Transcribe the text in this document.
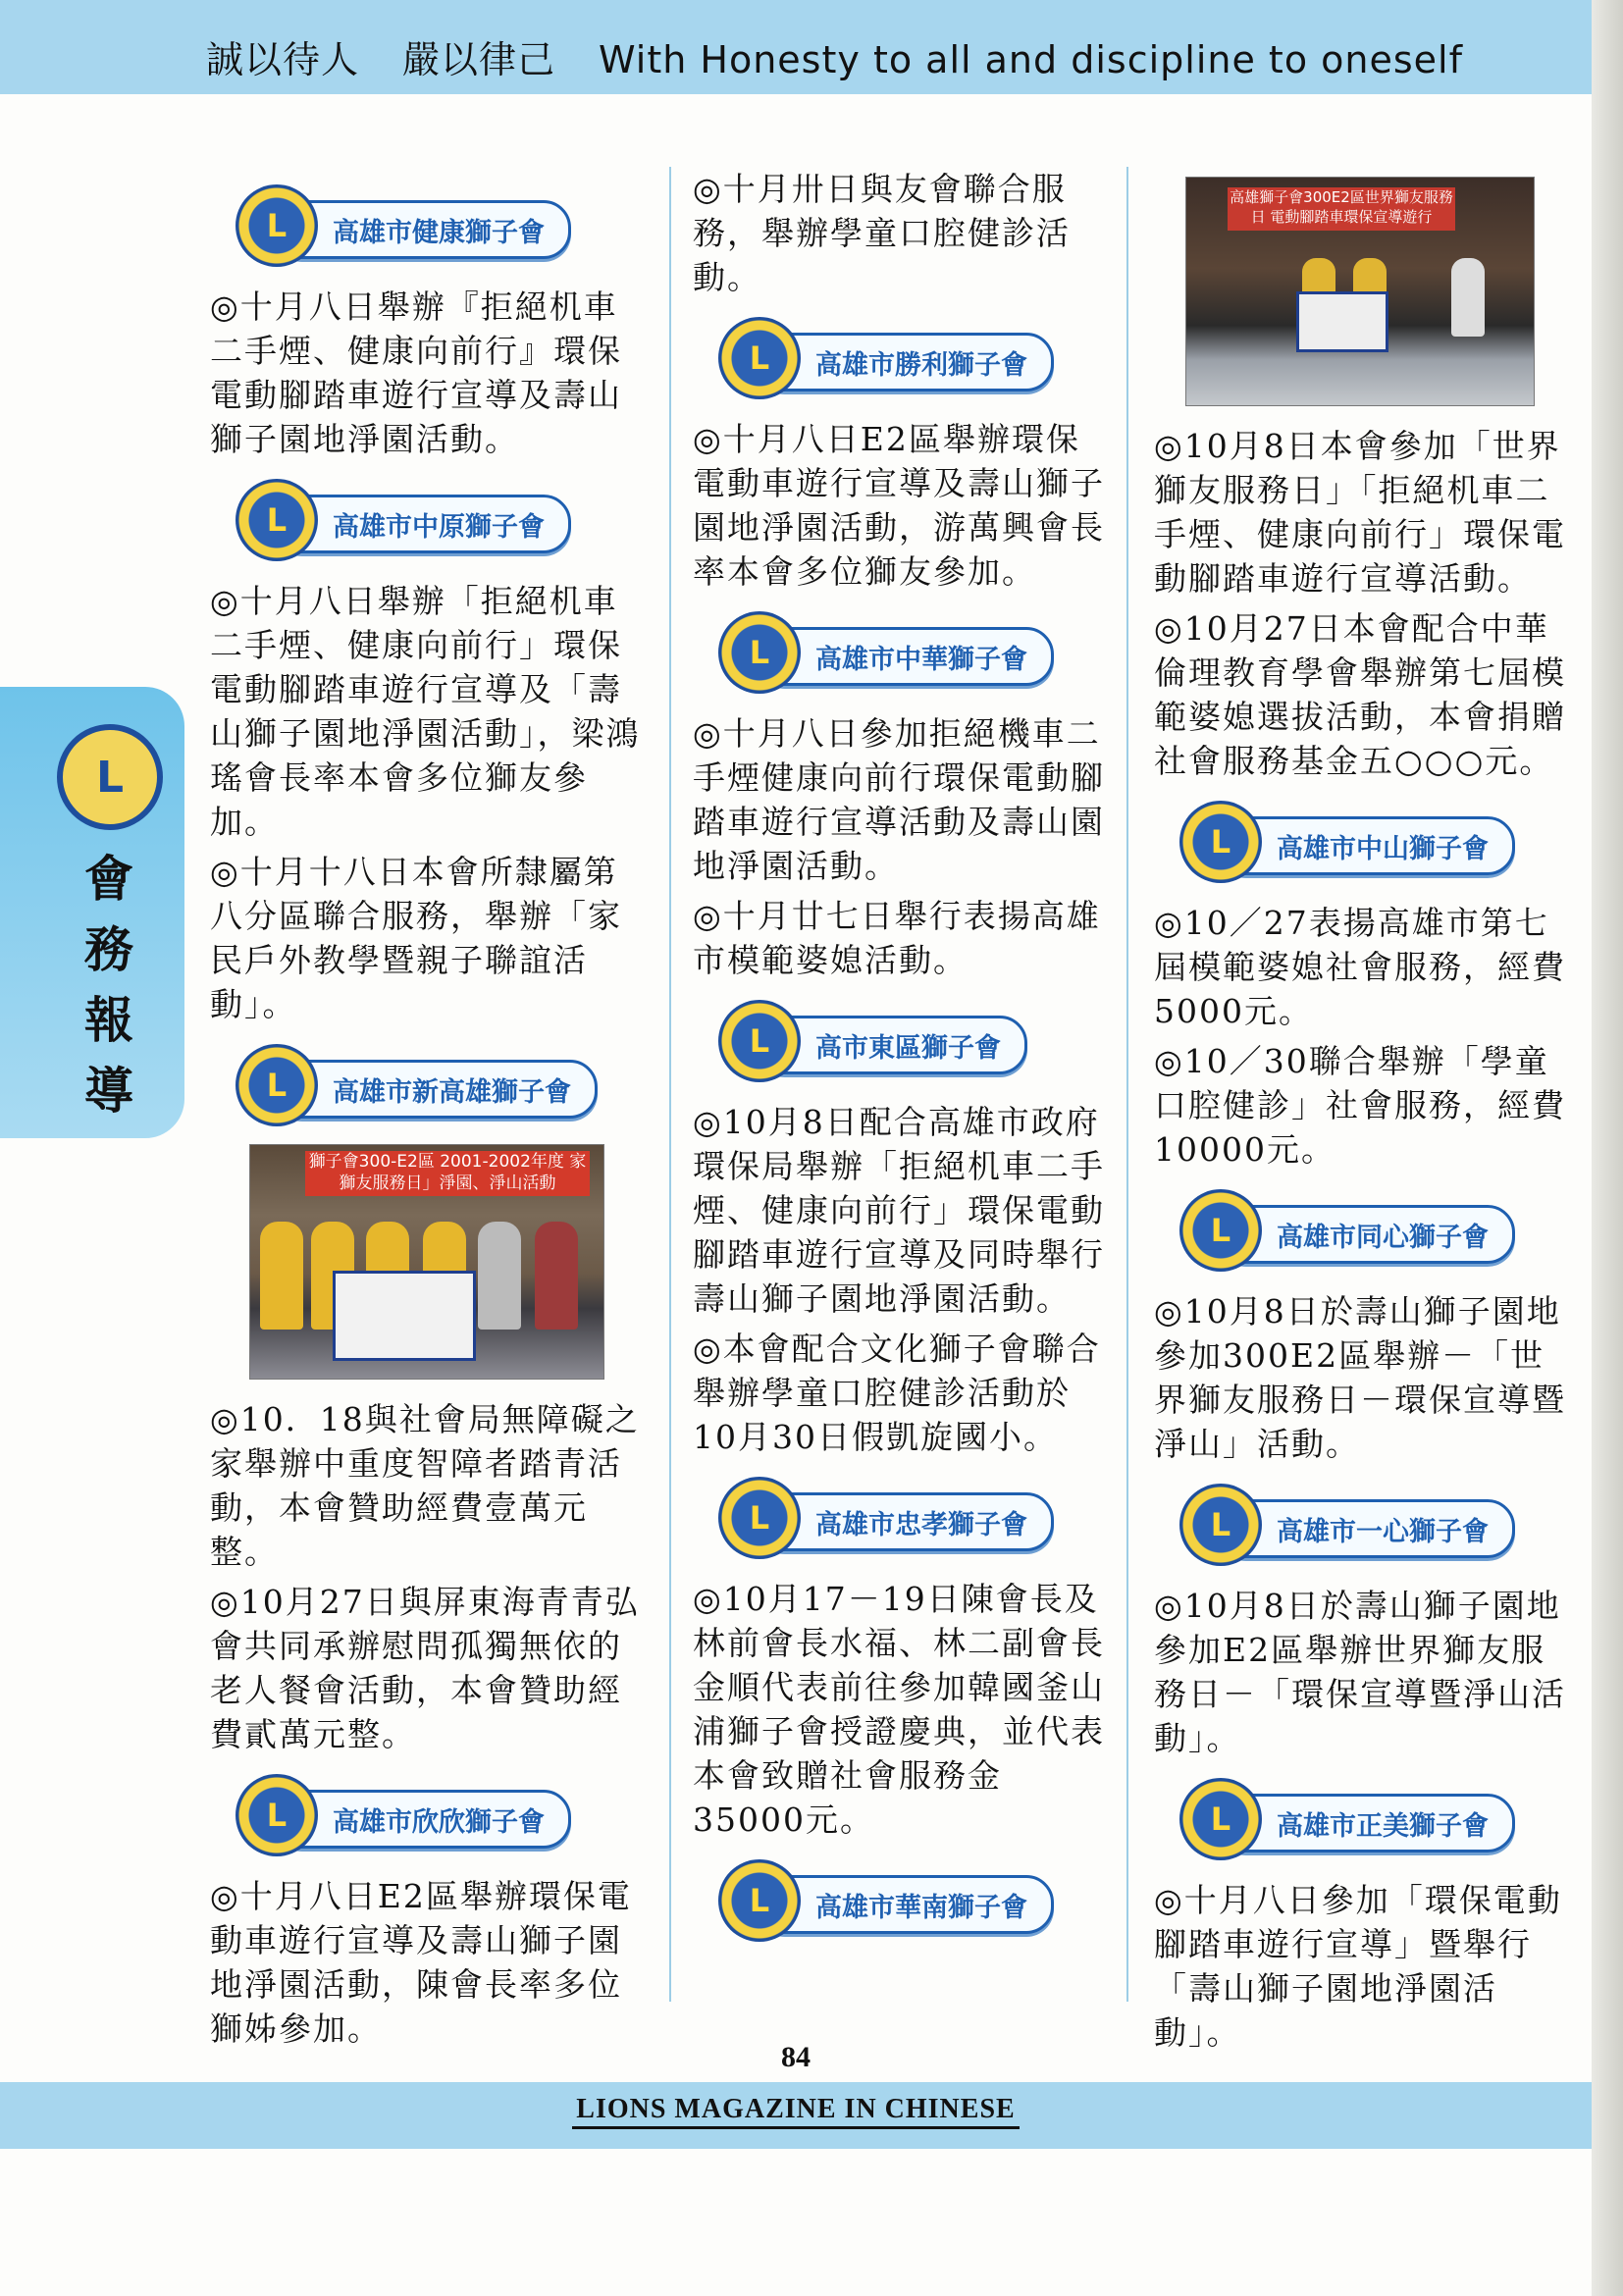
誠以待人 嚴以律己 With Honesty to all and discipline to oneself
L
會
務
報
導
L	高雄市健康獅子會

◎十月八日舉辦『拒絕机車二手煙、健康向前行』環保電動腳踏車遊行宣導及壽山獅子園地淨園活動。

L	高雄市中原獅子會

◎十月八日舉辦「拒絕机車二手煙、健康向前行」環保電動腳踏車遊行宣導及「壽山獅子園地淨園活動」，梁鴻瑤會長率本會多位獅友參加。

◎十月十八日本會所隸屬第八分區聯合服務，舉辦「家民戶外教學暨親子聯誼活動」。

L	高雄市新高雄獅子會
獅子會300-E2區 2001-2002年度 家獅友服務日」淨園、淨山活動

◎10．18與社會局無障礙之家舉辦中重度智障者踏青活動，本會贊助經費壹萬元整。

◎10月27日與屏東海青青弘會共同承辦慰問孤獨無依的老人餐會活動，本會贊助經費貳萬元整。

L	高雄市欣欣獅子會

◎十月八日E2區舉辦環保電動車遊行宣導及壽山獅子園地淨園活動，陳會長率多位獅姊參加。

◎十月卅日與友會聯合服務，舉辦學童口腔健診活動。

L	高雄市勝利獅子會

◎十月八日E2區舉辦環保電動車遊行宣導及壽山獅子園地淨園活動，游萬興會長率本會多位獅友參加。

L	高雄市中華獅子會

◎十月八日參加拒絕機車二手煙健康向前行環保電動腳踏車遊行宣導活動及壽山園地淨園活動。

◎十月廿七日舉行表揚高雄市模範婆媳活動。

L	高市東區獅子會

◎10月8日配合高雄市政府環保局舉辦「拒絕机車二手煙、健康向前行」環保電動腳踏車遊行宣導及同時舉行壽山獅子園地淨園活動。

◎本會配合文化獅子會聯合舉辦學童口腔健診活動於10月30日假凱旋國小。

L	高雄市忠孝獅子會

◎10月17－19日陳會長及林前會長水福、林二副會長金順代表前往參加韓國釜山浦獅子會授證慶典，並代表本會致贈社會服務金35000元。

L	高雄市華南獅子會
高雄獅子會300E2區世界獅友服務日 電動腳踏車環保宣導遊行

◎10月8日本會參加「世界獅友服務日」「拒絕机車二手煙、健康向前行」環保電動腳踏車遊行宣導活動。

◎10月27日本會配合中華倫理教育學會舉辦第七屆模範婆媳選拔活動，本會捐贈社會服務基金五○○○元。

L	高雄市中山獅子會

◎10／27表揚高雄市第七屆模範婆媳社會服務，經費5000元。

◎10／30聯合舉辦「學童口腔健診」社會服務，經費10000元。

L	高雄市同心獅子會

◎10月8日於壽山獅子園地參加300E2區舉辦－「世界獅友服務日－環保宣導暨淨山」活動。

L	高雄市一心獅子會

◎10月8日於壽山獅子園地參加E2區舉辦世界獅友服務日－「環保宣導暨淨山活動」。

L	高雄市正美獅子會

◎十月八日參加「環保電動腳踏車遊行宣導」暨舉行「壽山獅子園地淨園活動」。

84
LIONS MAGAZINE IN CHINESE
